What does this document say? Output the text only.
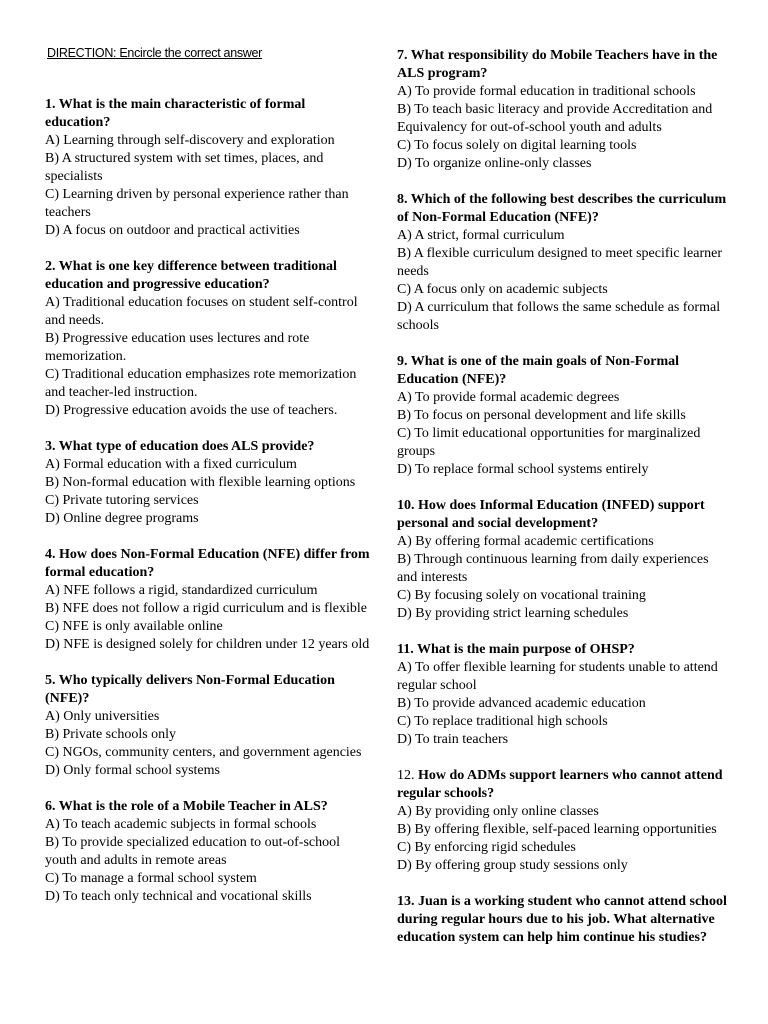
DIRECTION: Encircle the correct answer

1. What is the main characteristic of formal education?

A) Learning through self-discovery and exploration

B) A structured system with set times, places, and specialists

C) Learning driven by personal experience rather than teachers

D) A focus on outdoor and practical activities

2. What is one key difference between traditional education and progressive education?

A) Traditional education focuses on student self-control and needs.

B) Progressive education uses lectures and rote memorization.

C) Traditional education emphasizes rote memorization and teacher-led instruction.

D) Progressive education avoids the use of teachers.

3. What type of education does ALS provide?

A) Formal education with a fixed curriculum

B) Non-formal education with flexible learning options

C) Private tutoring services

D) Online degree programs

4. How does Non-Formal Education (NFE) differ from formal education?

A) NFE follows a rigid, standardized curriculum

B) NFE does not follow a rigid curriculum and is flexible

C) NFE is only available online

D) NFE is designed solely for children under 12 years old

5. Who typically delivers Non-Formal Education (NFE)?

A) Only universities

B) Private schools only

C) NGOs, community centers, and government agencies

D) Only formal school systems

6. What is the role of a Mobile Teacher in ALS?

A) To teach academic subjects in formal schools

B) To provide specialized education to out-of-school youth and adults in remote areas

C) To manage a formal school system

D) To teach only technical and vocational skills

7. What responsibility do Mobile Teachers have in the ALS program?

A) To provide formal education in traditional schools

B) To teach basic literacy and provide Accreditation and Equivalency for out-of-school youth and adults

C) To focus solely on digital learning tools

D) To organize online-only classes

8. Which of the following best describes the curriculum of Non-Formal Education (NFE)?

A) A strict, formal curriculum

B) A flexible curriculum designed to meet specific learner needs

C) A focus only on academic subjects

D) A curriculum that follows the same schedule as formal schools

9. What is one of the main goals of Non-Formal Education (NFE)?

A) To provide formal academic degrees

B) To focus on personal development and life skills

C) To limit educational opportunities for marginalized groups

D) To replace formal school systems entirely

10. How does Informal Education (INFED) support personal and social development?

A) By offering formal academic certifications

B) Through continuous learning from daily experiences and interests

C) By focusing solely on vocational training

D) By providing strict learning schedules

11. What is the main purpose of OHSP?

A) To offer flexible learning for students unable to attend regular school

B) To provide advanced academic education

C) To replace traditional high schools

D) To train teachers

12. How do ADMs support learners who cannot attend regular schools?

A) By providing only online classes

B) By offering flexible, self-paced learning opportunities

C) By enforcing rigid schedules

D) By offering group study sessions only

13. Juan is a working student who cannot attend school during regular hours due to his job. What alternative education system can help him continue his studies?
